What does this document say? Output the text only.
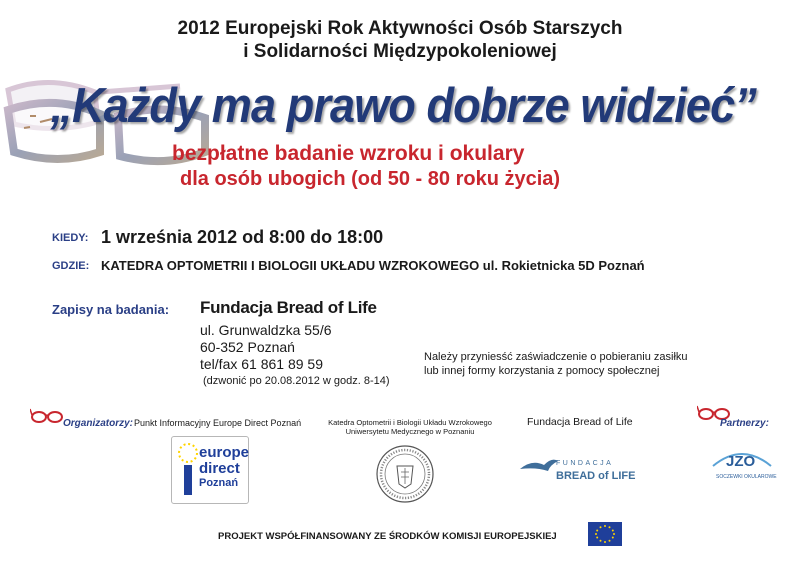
2012 Europejski Rok Aktywności Osób Starszych
i Solidarności Międzypokoleniowej
„Każdy ma prawo dobrze widzieć”
bezpłatne badanie wzroku i okulary
dla osób ubogich (od 50 - 80 roku życia)
KIEDY: 1 września 2012 od 8:00 do 18:00
GDZIE: KATEDRA OPTOMETRII I BIOLOGII UKŁADU WZROKOWEGO ul. Rokietnicka 5D Poznań
Zapisy na badania: Fundacja Bread of Life
ul. Grunwaldzka 55/6
60-352 Poznań
tel/fax 61 861 89 59
(dzwonić po 20.08.2012 w godz. 8-14)
Należy przyniesść zaświadczenie o pobieraniu zasiłku
lub innej formy korzystania z pomocy społecznej
Organizatorzy: Punkt Informacyjny Europe Direct Poznań	Katedra Optometrii i Biologii Układu Wzrokowego
Uniwersytetu Medycznego w Poznaniu
Fundacja Bread of Life	Partnerzy:
europe
direct
Poznań
FUNDACJA
BREAD of LIFE
JZO
SOCZEWKI OKULAROWE
PROJEKT WSPÓŁFINANSOWANY ZE ŚRODKÓW KOMISJI EUROPEJSKIEJ
